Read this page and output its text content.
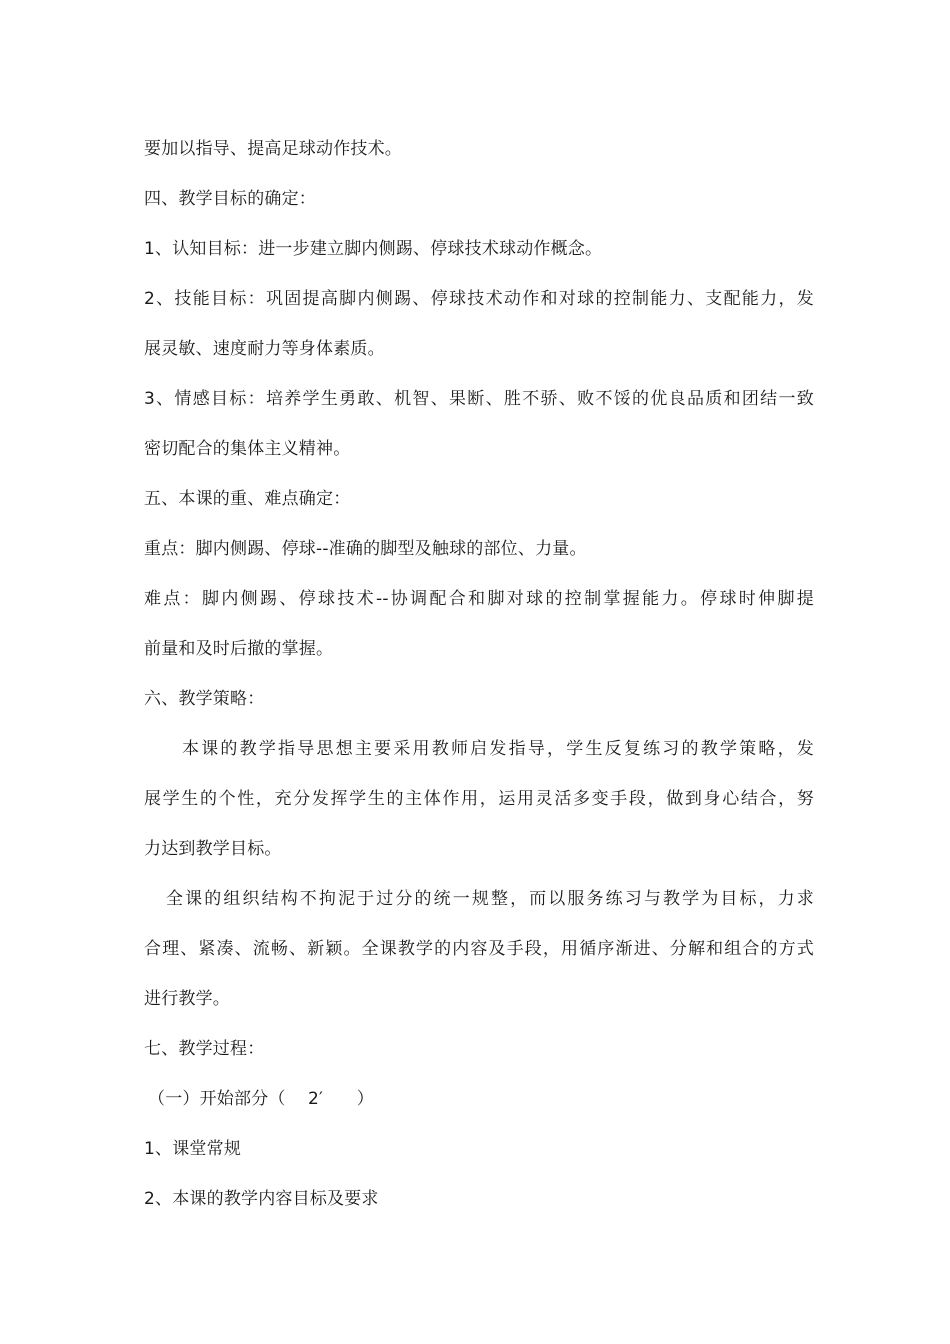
要加以指导、提高足球动作技术。
四、教学目标的确定：
1、认知目标：进一步建立脚内侧踢、停球技术球动作概念。
2、技能目标：巩固提高脚内侧踢、停球技术动作和对球的控制能力、支配能力，发
展灵敏、速度耐力等身体素质。
3、情感目标：培养学生勇敢、机智、果断、胜不骄、败不馁的优良品质和团结一致
密切配合的集体主义精神。
五、本课的重、难点确定：
重点：脚内侧踢、停球--准确的脚型及触球的部位、力量。
难点：脚内侧踢、停球技术--协调配合和脚对球的控制掌握能力。停球时伸脚提
前量和及时后撤的掌握。
六、教学策略：
本课的教学指导思想主要采用教师启发指导，学生反复练习的教学策略，发
展学生的个性，充分发挥学生的主体作用，运用灵活多变手段，做到身心结合，努
力达到教学目标。
全课的组织结构不拘泥于过分的统一规整，而以服务练习与教学为目标，力求
合理、紧凑、流畅、新颖。全课教学的内容及手段，用循序渐进、分解和组合的方式
进行教学。
七、教学过程：
（一）开始部分（    2′      ）
1、课堂常规
2、本课的教学内容目标及要求
